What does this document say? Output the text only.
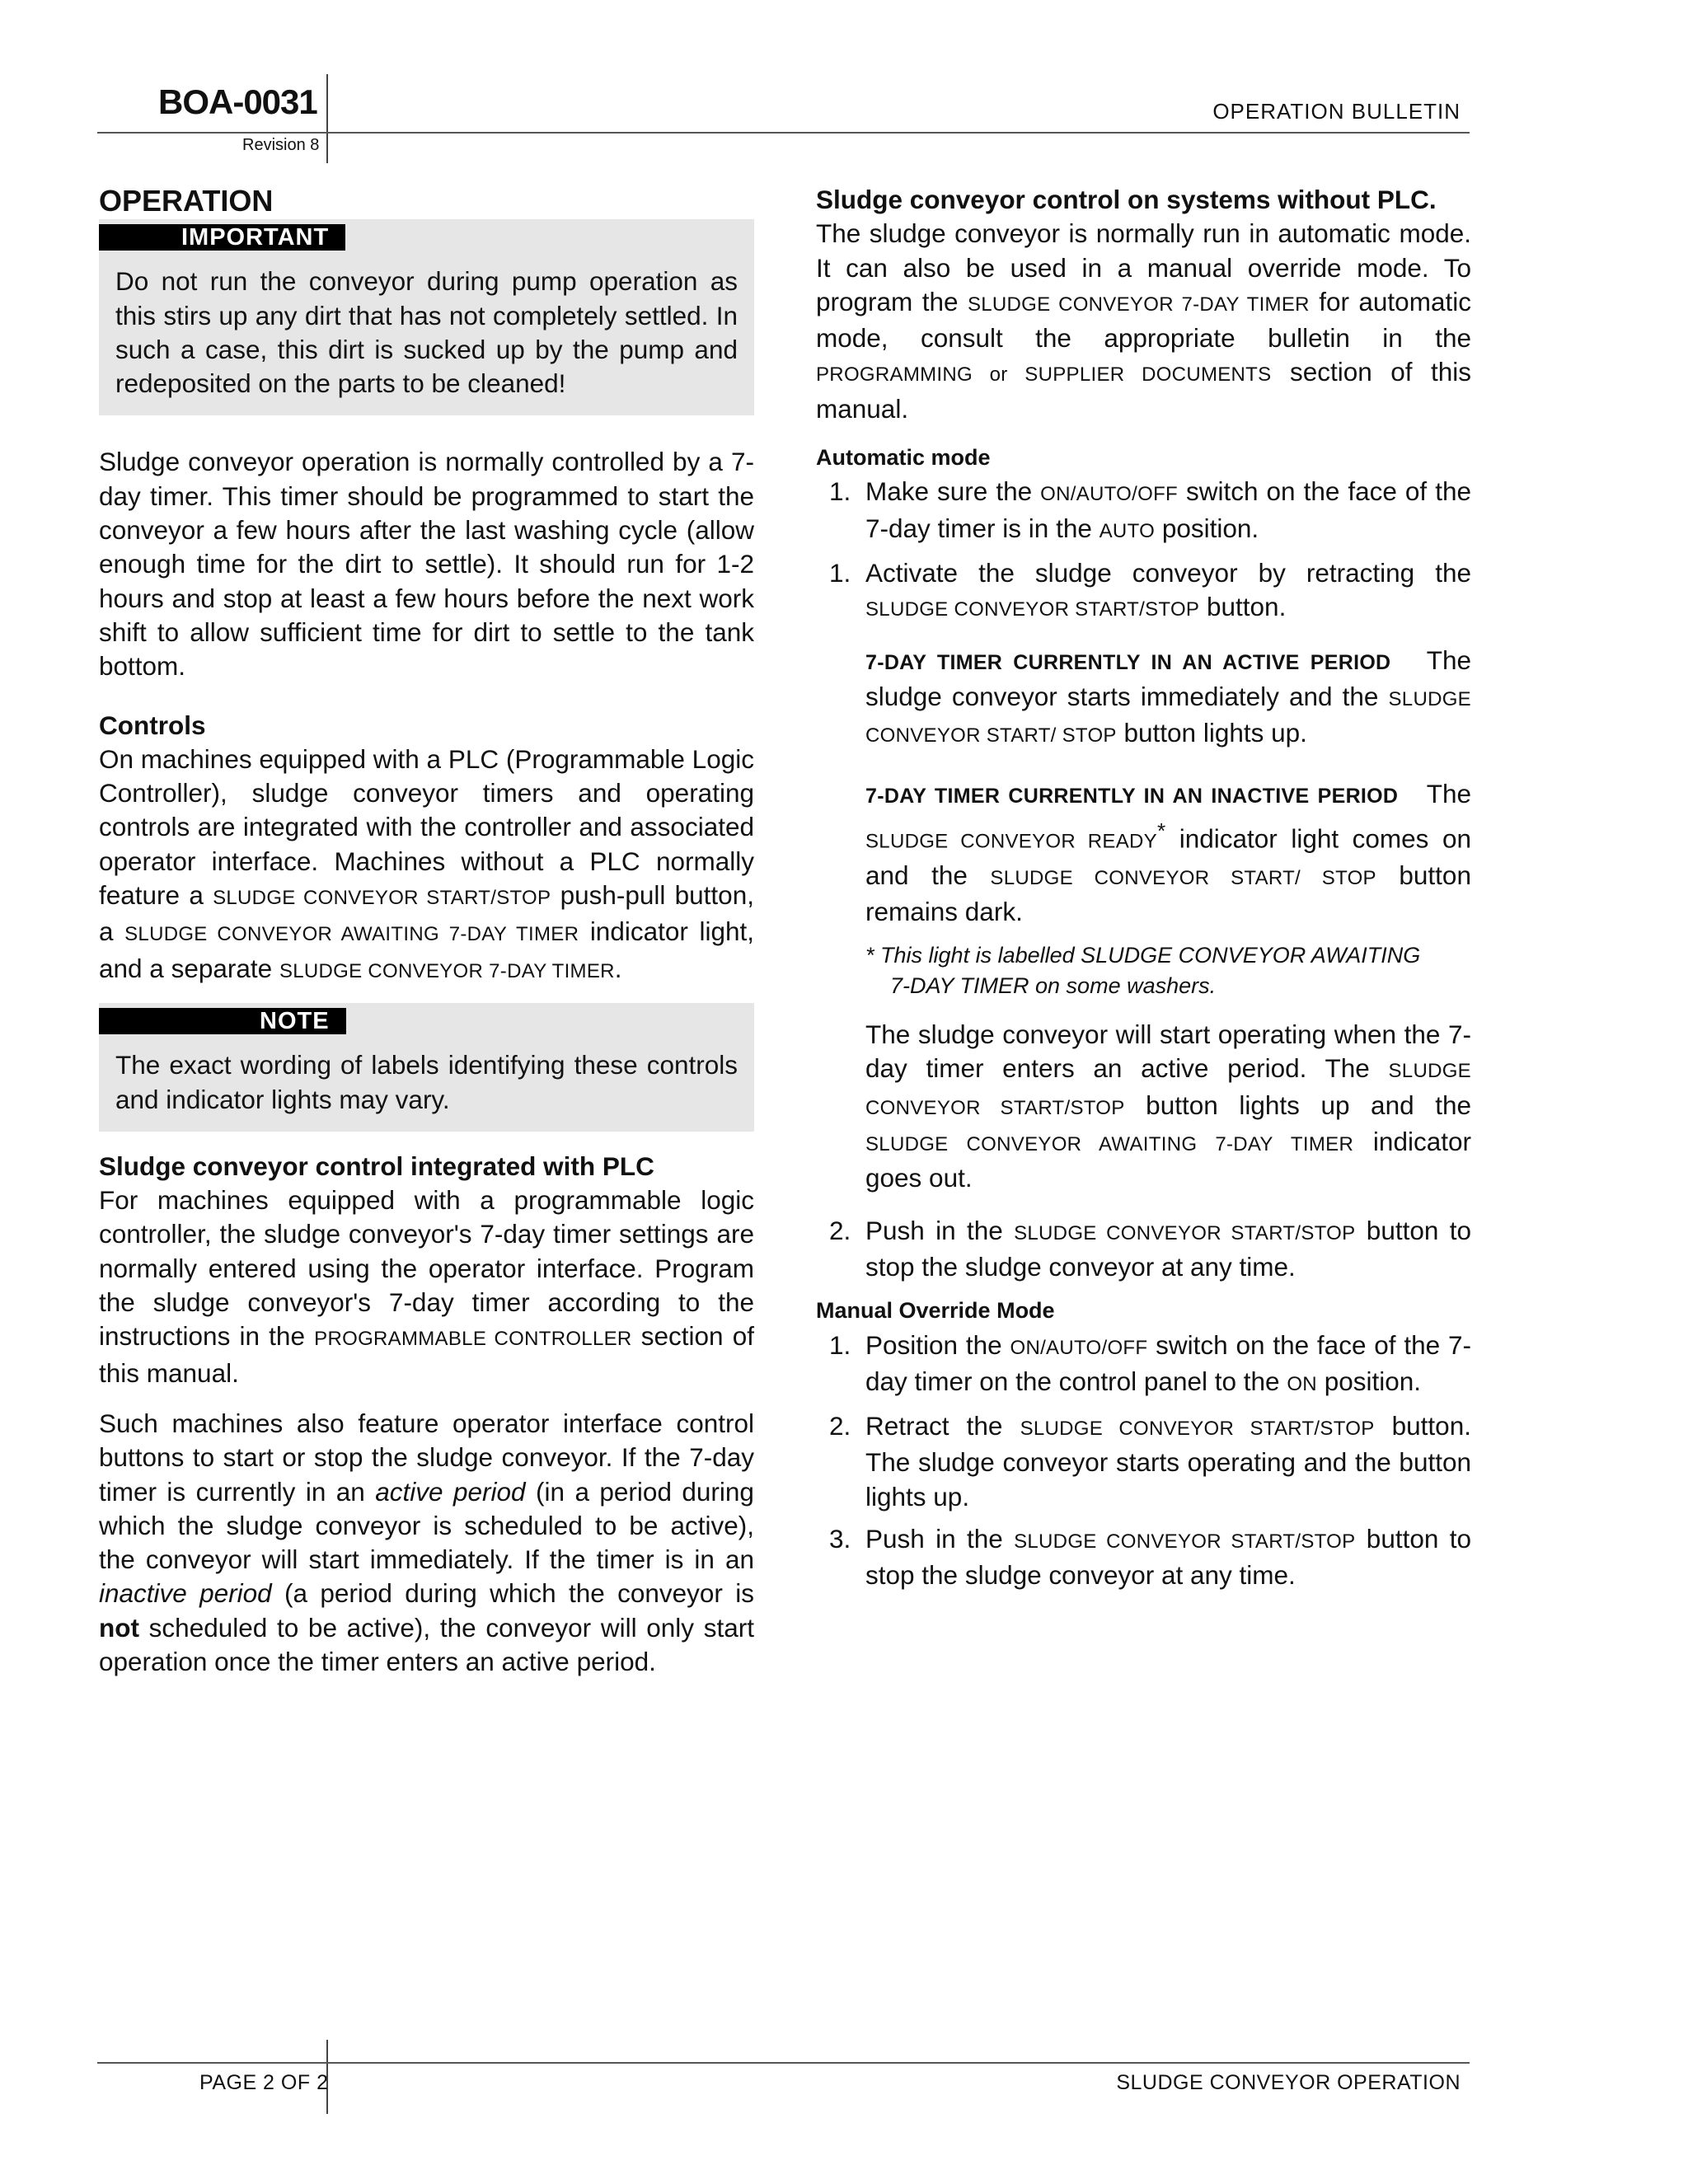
BOA-0031
Revision 8
OPERATION BULLETIN
OPERATION
IMPORTANT

Do not run the conveyor during pump operation as this stirs up any dirt that has not completely settled. In such a case, this dirt is sucked up by the pump and redeposited on the parts to be cleaned!

Sludge conveyor operation is normally controlled by a 7-day timer. This timer should be programmed to start the conveyor a few hours after the last washing cycle (allow enough time for the dirt to settle). It should run for 1-2 hours and stop at least a few hours before the next work shift to allow sufficient time for dirt to settle to the tank bottom.

Controls

On machines equipped with a PLC (Programmable Logic Controller), sludge conveyor timers and operating controls are integrated with the controller and associated operator interface. Machines without a PLC normally feature a SLUDGE CONVEYOR START/STOP push-pull button, a SLUDGE CONVEYOR AWAITING 7-DAY TIMER indicator light, and a separate SLUDGE CONVEYOR 7-DAY TIMER.

NOTE

The exact wording of labels identifying these controls and indicator lights may vary.

Sludge conveyor control integrated with PLC

For machines equipped with a programmable logic controller, the sludge conveyor's 7-day timer settings are normally entered using the operator interface. Program the sludge conveyor's 7-day timer according to the instructions in the PROGRAMMABLE CONTROLLER section of this manual.

Such machines also feature operator interface control buttons to start or stop the sludge conveyor. If the 7-day timer is currently in an active period (in a period during which the sludge conveyor is scheduled to be active), the conveyor will start immediately. If the timer is in an inactive period (a period during which the conveyor is not scheduled to be active), the conveyor will only start operation once the timer enters an active period.

Sludge conveyor control on systems without PLC.

The sludge conveyor is normally run in automatic mode. It can also be used in a manual override mode. To program the SLUDGE CONVEYOR 7-DAY TIMER for automatic mode, consult the appropriate bulletin in the PROGRAMMING or SUPPLIER DOCUMENTS section of this manual.

Automatic mode

1. Make sure the ON/AUTO/OFF switch on the face of the 7-day timer is in the AUTO position.
1. Activate the sludge conveyor by retracting the SLUDGE CONVEYOR START/STOP button.

7-DAY TIMER CURRENTLY IN AN ACTIVE PERIOD The sludge conveyor starts immediately and the SLUDGE CONVEYOR START/ STOP button lights up.

7-DAY TIMER CURRENTLY IN AN INACTIVE PERIOD The SLUDGE CONVEYOR READY* indicator light comes on and the SLUDGE CONVEYOR START/ STOP button remains dark.

* This light is labelled SLUDGE CONVEYOR AWAITING
7-DAY TIMER on some washers.

The sludge conveyor will start operating when the 7-day timer enters an active period. The SLUDGE CONVEYOR START/STOP button lights up and the SLUDGE CONVEYOR AWAITING 7-DAY TIMER indicator goes out.

2. Push in the SLUDGE CONVEYOR START/STOP button to stop the sludge conveyor at any time.

Manual Override Mode

1. Position the ON/AUTO/OFF switch on the face of the 7-day timer on the control panel to the ON position.
2. Retract the SLUDGE CONVEYOR START/STOP button. The sludge conveyor starts operating and the button lights up.
3. Push in the SLUDGE CONVEYOR START/STOP button to stop the sludge conveyor at any time.
PAGE 2 OF 2	SLUDGE CONVEYOR OPERATION
